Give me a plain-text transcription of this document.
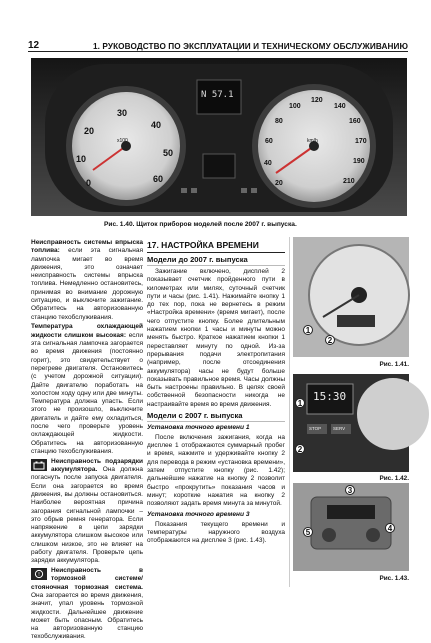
12	1. РУКОВОДСТВО ПО ЭКСПЛУАТАЦИИ И ТЕХНИЧЕСКОМУ ОБСЛУЖИВАНИЮ
0
10
20
30
40
50
60
x100
20
40
60
80
100
120
140
160
170
190
210
km/h
N 57.1
Рис. 1.40. Щиток приборов моделей после 2007 г. выпуска.

Неисправность системы впрыска топлива: если эта сигнальная лампочка мигает во время движения, это означает неисправность системы впрыска топлива. Немедленно остановитесь, принимая во внимание дорожную ситуацию, и выключите зажигание. Обратитесь на авторизованную станцию техобслуживания.

Температура охлаждающей жидкости слишком высокая: если эта сигнальная лампочка загорается во время движения (постоянно горит), это свидетельствует о перегреве двигателя. Остановитесь (с учетом дорожной ситуации). Дайте двигателю поработать на холостом ходу одну или две минуты. Температура должна упасть. Если этого не произошло, выключите двигатель и дайте ему охладиться, после чего проверьте уровень охлаждающей жидкости. Обратитесь на авторизованную станцию техобслуживания.

Неисправность подзарядки аккумулятора. Она должна погаснуть после запуска двигателя. Если она загорается во время движения, вы должны остановиться. Наиболее вероятная причина загорания сигнальной лампочки – это обрыв ремня генератора. Если напряжение в цепи зарядки аккумулятора слишком высокое или слишком низкое, это не влияет на работу двигателя. Проверьте цепь зарядки аккумулятора.

!
Неисправность в тормозной системе/стояночная тормозная система. Она загорается во время движения, значит, упал уровень тормозной жидкости. Дальнейшее движение может быть опасным. Обратитесь на авторизованную станцию техобслуживания.

17. НАСТРОЙКА ВРЕМЕНИ
Модели до 2007 г. выпуска

Зажигание включено, дисплей 2 показывает счетчик пройденного пути в километрах или милях, суточный счетчик пути и часы (рис. 1.41). Нажимайте кнопку 1 до тех пор, пока не вернетесь в режим «Настройка времени» (время мигает), после чего отпустите кнопку. Более длительным нажатием кнопки 1 часы и минуты можно менять быстро. Краткое нажатием кнопки 1 переставляет минуту по одной. Из-за прерывания подачи электропитания (например, после отсоединения аккумулятора) часы не будут больше показывать правильное время. Часы должны быть настроены правильно. В целях своей собственной безопасности никогда не настраивайте время во время движения.

Модели с 2007 г. выпуска
Установка точного времени 1

После включения зажигания, когда на дисплее 1 отображаются суммарный пробег и время, нажмите и удерживайте кнопку 2 для перевода в режим «установка времени», затем отпустите кнопку (рис. 1.42); дальнейшие нажатие на кнопку 2 позволит быстро «прокрутить» показания часов и минут; короткие нажатия на кнопку 2 позволяют задать время минута за минутой.

Установка точного времени 3

Показания текущего времени и температуры наружного воздуха отображаются на дисплее 3 (рис. 1.43).

1
2
Рис. 1.41.
15:30
STOP	SERV
1
2
Рис. 1.42.
3
4
5
Рис. 1.43.
